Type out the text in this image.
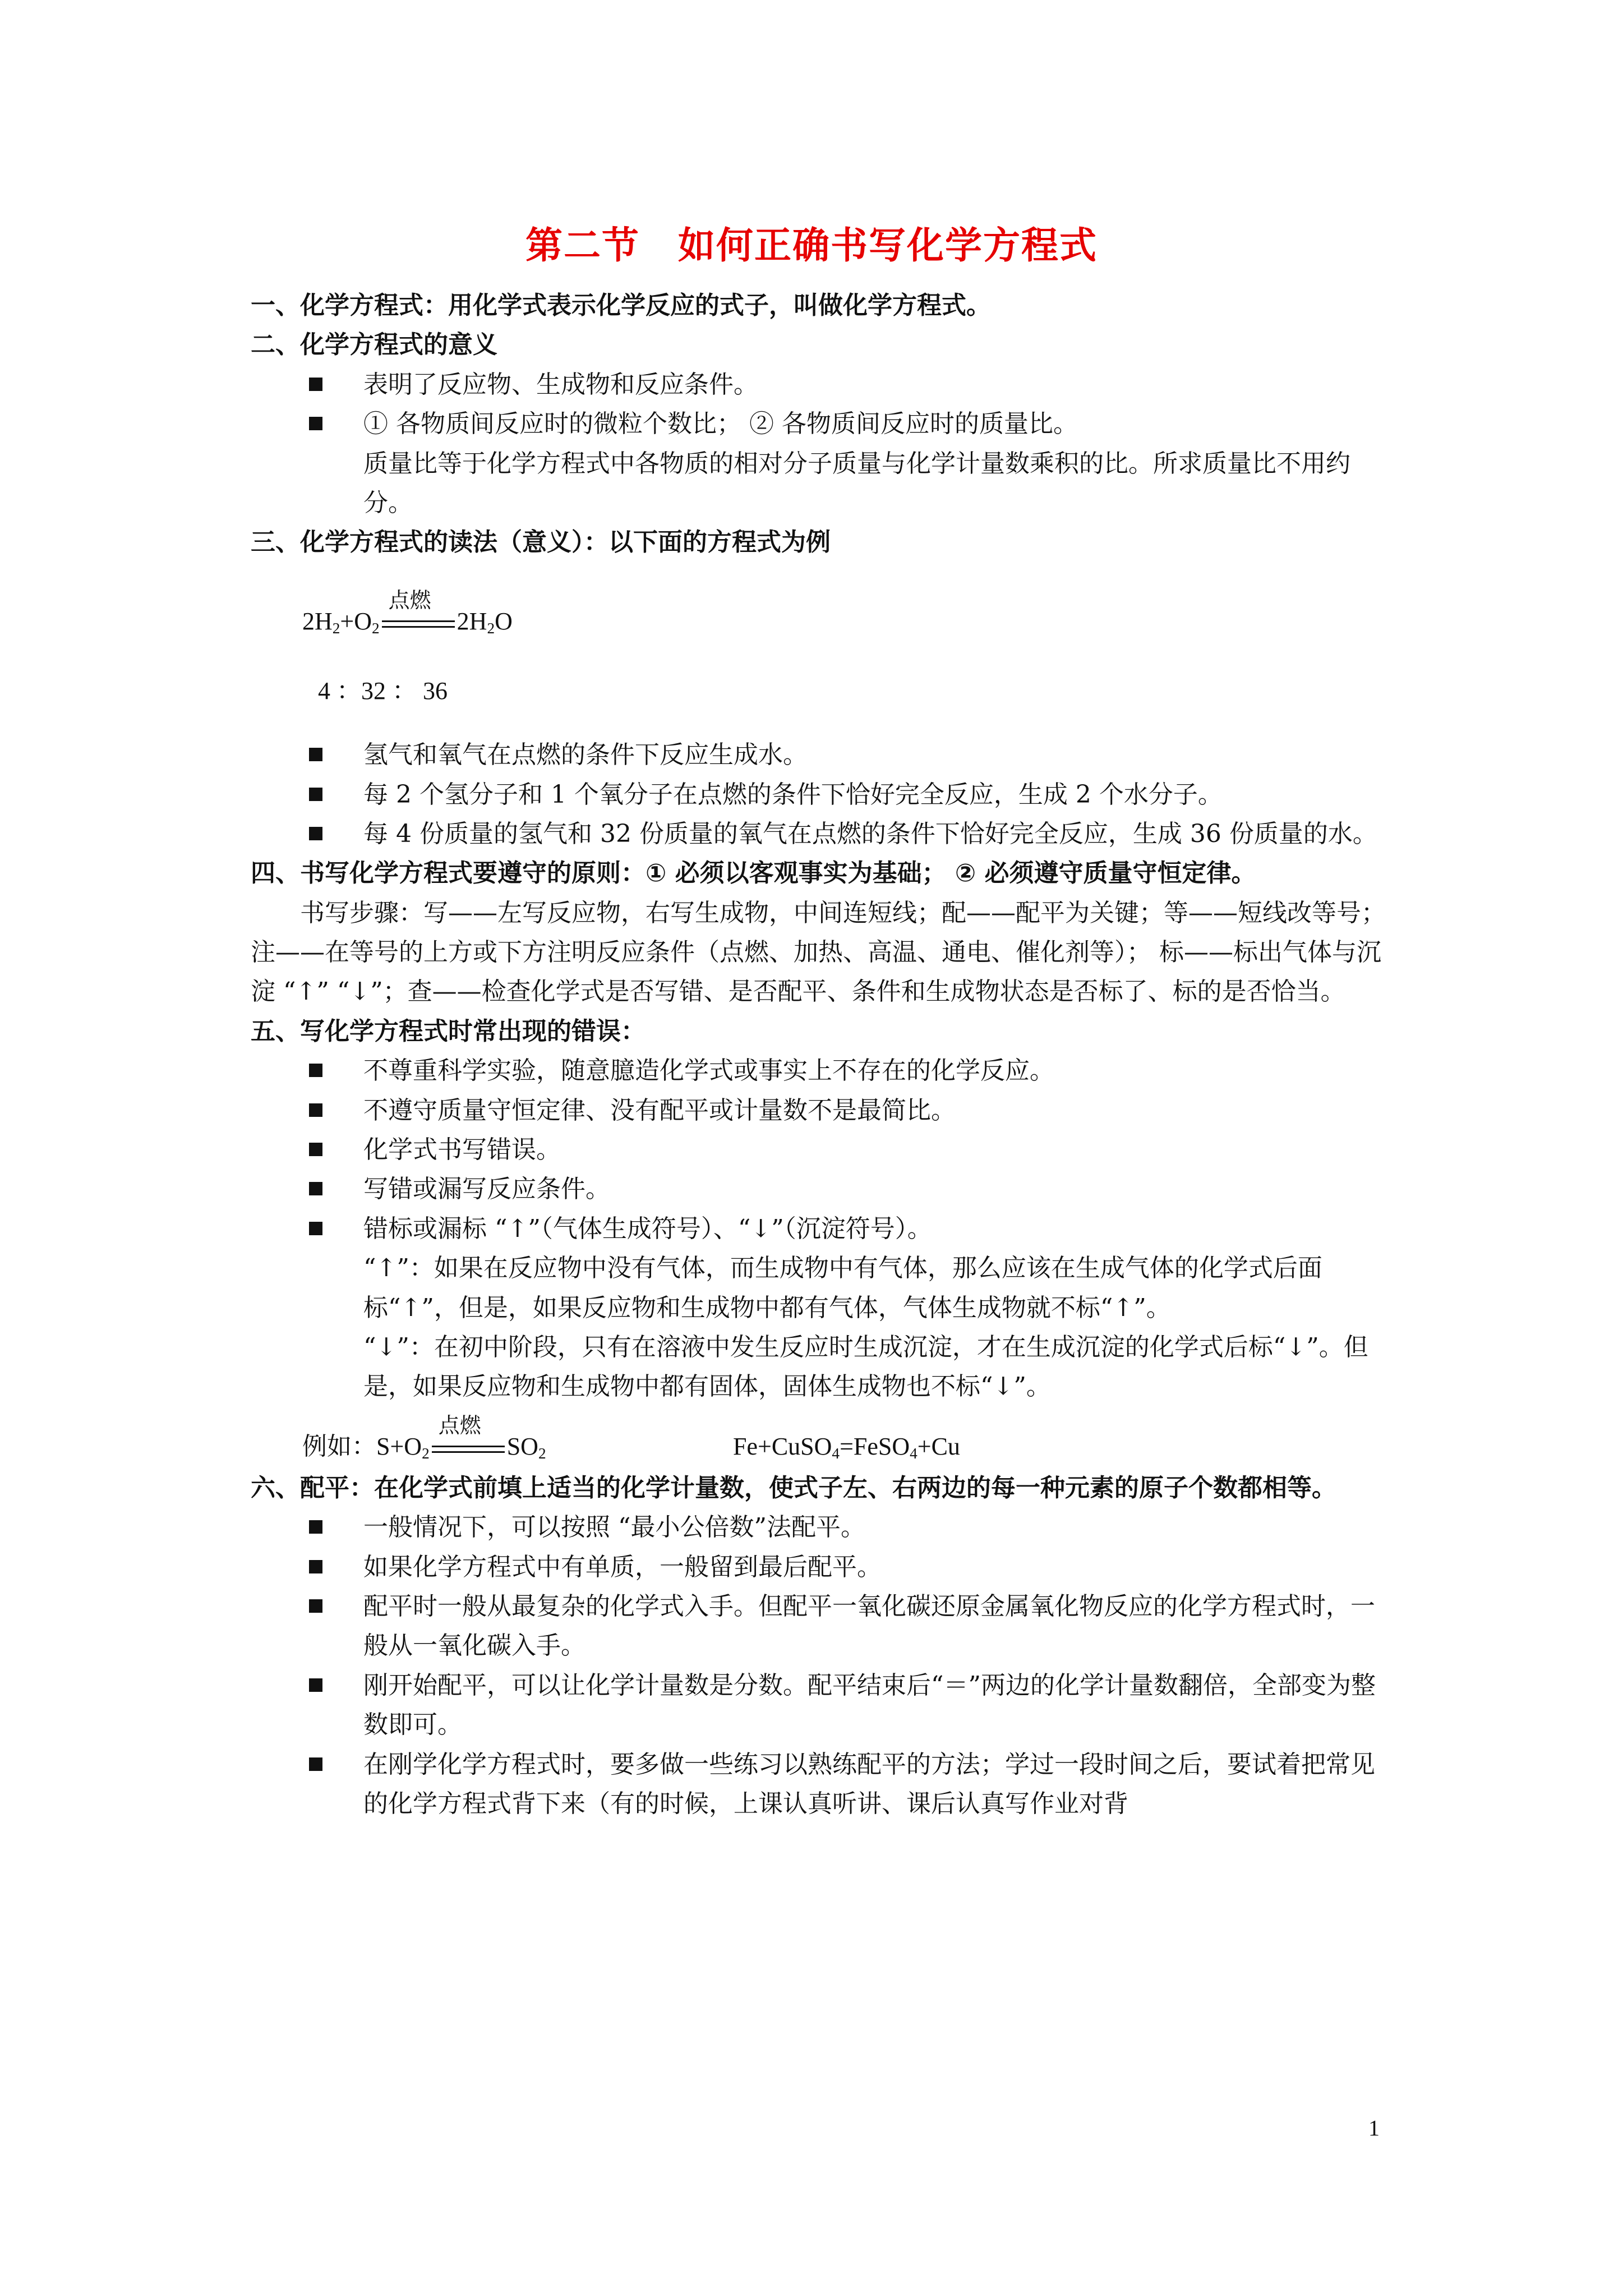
第二节　如何正确书写化学方程式

一、化学方程式：用化学式表示化学反应的式子，叫做化学方程式。

二、化学方程式的意义

表明了反应物、生成物和反应条件。

① 各物质间反应时的微粒个数比； ② 各物质间反应时的质量比。

质量比等于化学方程式中各物质的相对分子质量与化学计量数乘积的比。所求质量比不用约分。

三、化学方程式的读法（意义）：以下面的方程式为例

$2H_2+O_2$
点燃
$2H_2O$

4 ：32 ： 36

氢气和氧气在点燃的条件下反应生成水。

每 2 个氢分子和 1 个氧分子在点燃的条件下恰好完全反应，生成 2 个水分子。

每 4 份质量的氢气和 32 份质量的氧气在点燃的条件下恰好完全反应，生成 36 份质量的水。

四、书写化学方程式要遵守的原则：① 必须以客观事实为基础； ② 必须遵守质量守恒定律。

书写步骤：写——左写反应物，右写生成物，中间连短线；配——配平为关键；等——短线改等号；注——在等号的上方或下方注明反应条件（点燃、加热、高温、通电、催化剂等）； 标——标出气体与沉淀 “↑” “↓”；查——检查化学式是否写错、是否配平、条件和生成物状态是否标了、标的是否恰当。

五、写化学方程式时常出现的错误：

不尊重科学实验，随意臆造化学式或事实上不存在的化学反应。

不遵守质量守恒定律、没有配平或计量数不是最简比。

化学式书写错误。

写错或漏写反应条件。

错标或漏标 “↑”（气体生成符号）、“↓”（沉淀符号）。

“↑”：如果在反应物中没有气体，而生成物中有气体，那么应该在生成气体的化学式后面标“↑”，但是，如果反应物和生成物中都有气体，气体生成物就不标“↑”。

“↓”：在初中阶段，只有在溶液中发生反应时生成沉淀，才在生成沉淀的化学式后标“↓”。但是，如果反应物和生成物中都有固体，固体生成物也不标“↓”。

例如：$S+O_2$
点燃
$SO_2$	Fe+CuSO$_4$=FeSO$_4$+Cu

六、配平：在化学式前填上适当的化学计量数，使式子左、右两边的每一种元素的原子个数都相等。

一般情况下，可以按照 “最小公倍数”法配平。

如果化学方程式中有单质，一般留到最后配平。

配平时一般从最复杂的化学式入手。但配平一氧化碳还原金属氧化物反应的化学方程式时，一般从一氧化碳入手。

刚开始配平，可以让化学计量数是分数。配平结束后“＝”两边的化学计量数翻倍，全部变为整数即可。

在刚学化学方程式时，要多做一些练习以熟练配平的方法；学过一段时间之后，要试着把常见的化学方程式背下来（有的时候，上课认真听讲、课后认真写作业对背

1
